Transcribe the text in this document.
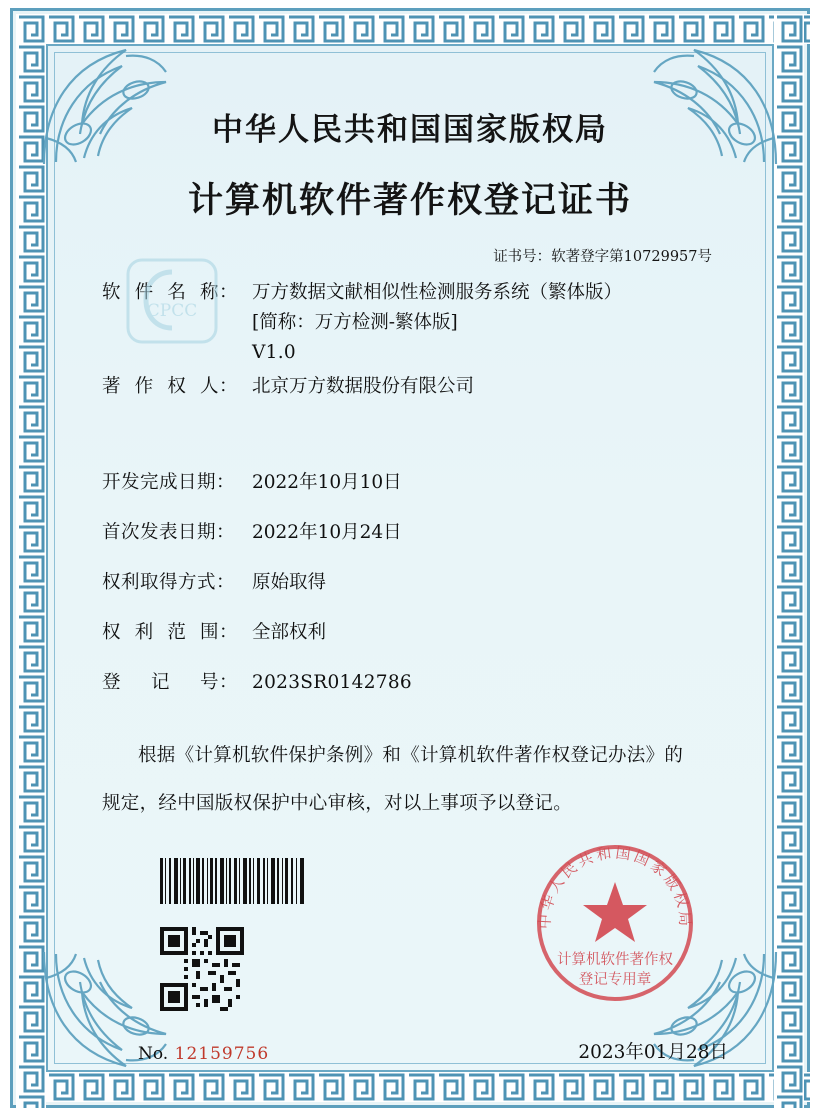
中华人民共和国国家版权局
计算机软件著作权登记证书
证书号：软著登字第10729957号
CPCC
软 件 名 称： 万方数据文献相似性检测服务系统（繁体版）
[简称：万方检测-繁体版]
V1.0
著 作 权 人： 北京万方数据股份有限公司
开发完成日期： 2022年10月10日
首次发表日期： 2022年10月24日
权利取得方式： 原始取得
权 利 范 围： 全部权利
登 记 号： 2023SR0142786
根据《计算机软件保护条例》和《计算机软件著作权登记办法》的
规定，经中国版权保护中心审核，对以上事项予以登记。

No. 12159756	2023年01月28日
中华人民共和国国家版权局
计算机软件著作权
登记专用章
